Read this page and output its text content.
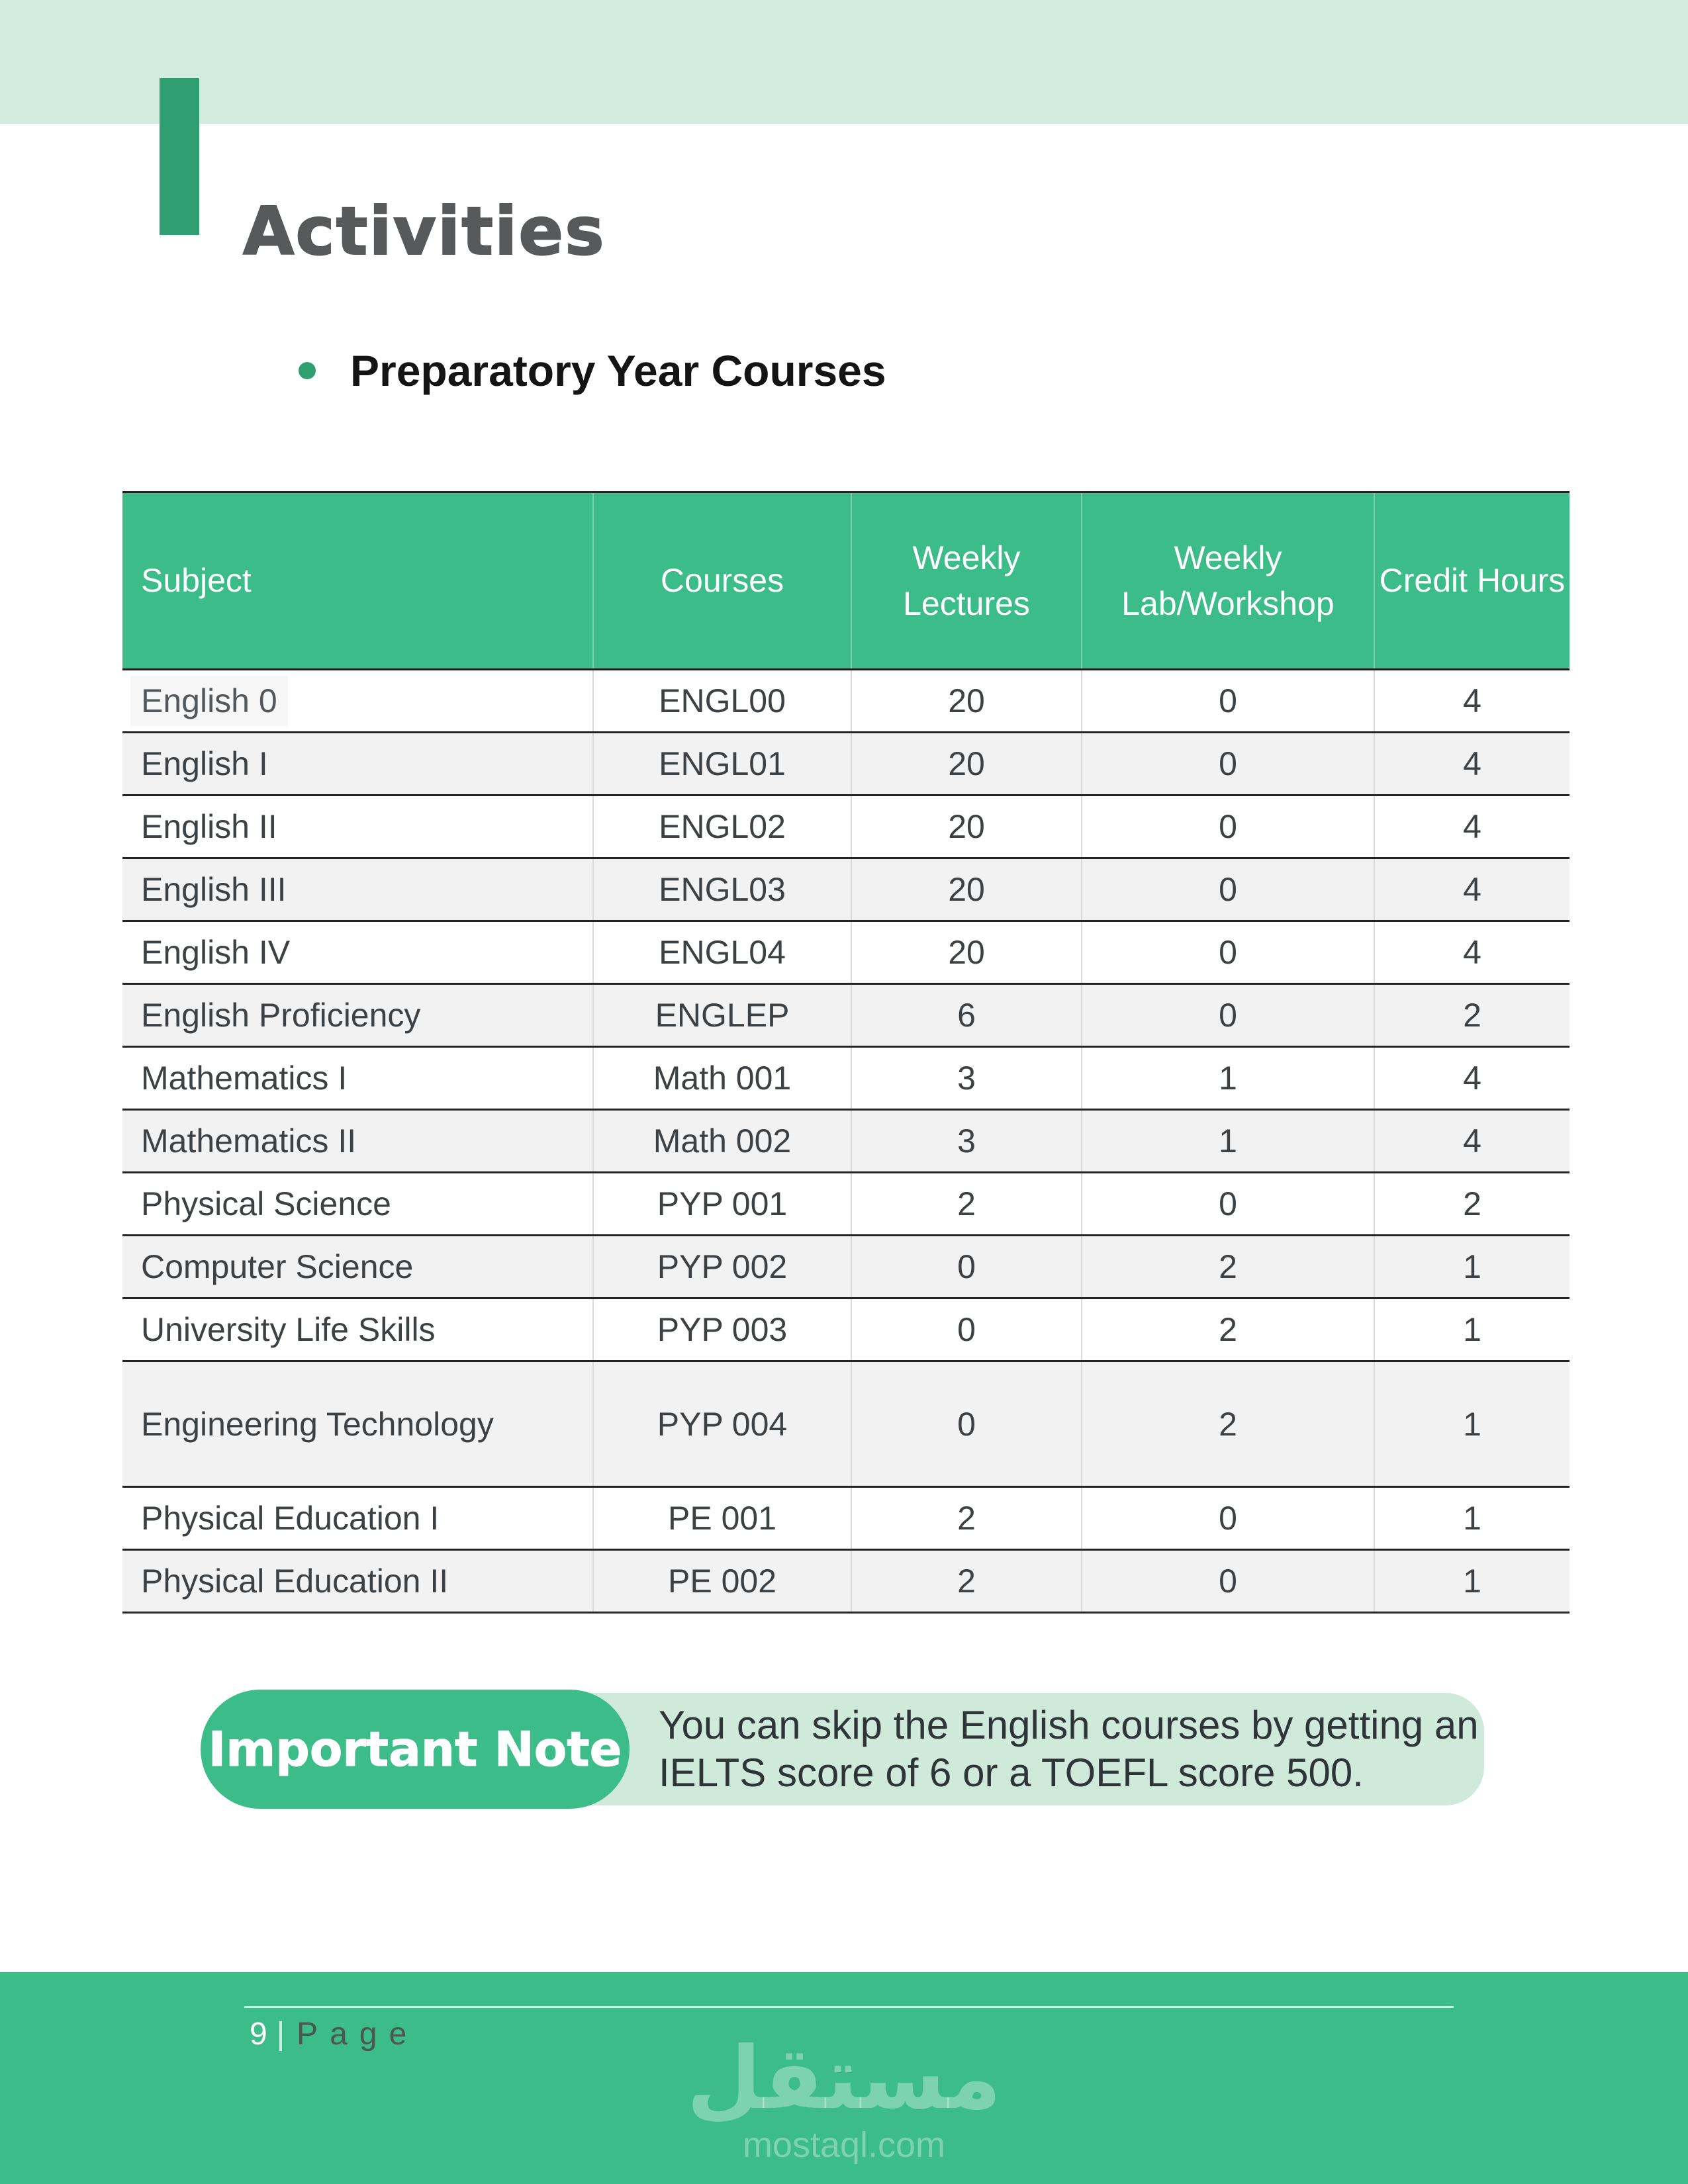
Activities
Preparatory Year Courses
Subject	Courses	Weekly Lectures	Weekly Lab/Workshop	Credit Hours
English 0	ENGL00	20	0	4
English I	ENGL01	20	0	4
English II	ENGL02	20	0	4
English III	ENGL03	20	0	4
English IV	ENGL04	20	0	4
English Proficiency	ENGLEP	6	0	2
Mathematics I	Math 001	3	1	4
Mathematics II	Math 002	3	1	4
Physical Science	PYP 001	2	0	2
Computer Science	PYP 002	0	2	1
University Life Skills	PYP 003	0	2	1
Engineering Technology	PYP 004	0	2	1
Physical Education I	PE 001	2	0	1
Physical Education II	PE 002	2	0	1
You can skip the English courses by getting an
IELTS score of 6 or a TOEFL score 500.
Important Note
9 | Page	مستقل
mostaql.com
